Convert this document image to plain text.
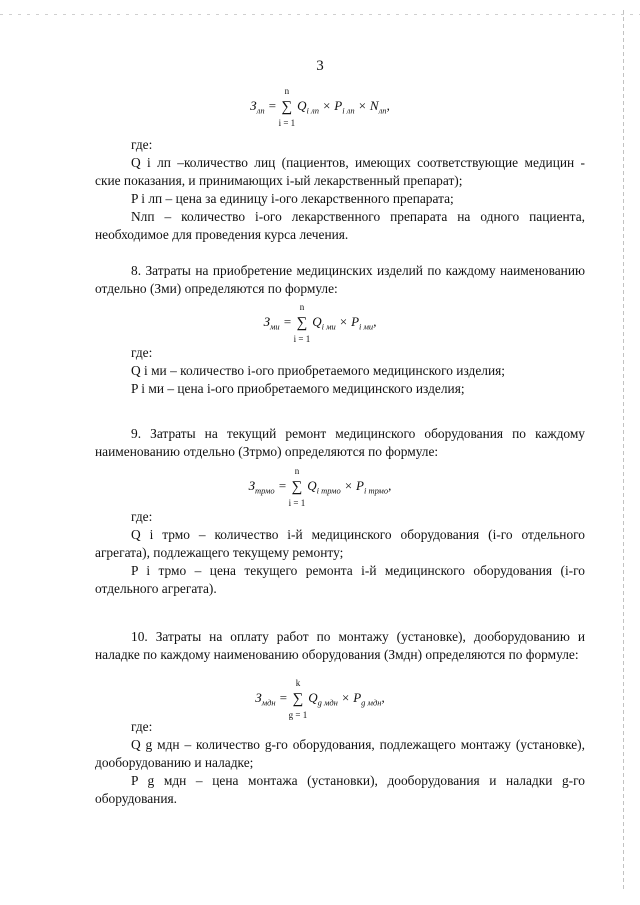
3
$З_{лп}$ = ∑
n
i = 1
$Q_{i лп} \times P_{i лп} \times N_{лп}$,

где:

Q i лп –количество лиц (пациентов, имеющих соответствующие медицин - ские показания, и принимающих i-ый лекарственный препарат);

P i лп – цена за единицу i-ого лекарственного препарата;

Nлп – количество i-ого лекарственного препарата на одного пациента, необходимое для проведения курса лечения.

8. Затраты на приобретение медицинских изделий по каждому наименованию отдельно (Зми) определяются по формуле:
$З_{ми}$ = ∑
n
i = 1
$Q_{i ми} \times P_{i ми}$,

где:

Q i ми – количество i-ого приобретаемого медицинского изделия;

P i ми – цена i-ого приобретаемого медицинского изделия;

9. Затраты на текущий ремонт медицинского оборудования по каждому наименованию отдельно (Зтрмо) определяются по формуле:
$З_{трмо}$ = ∑
n
i = 1
$Q_{i трмо} \times P_{i трмо}$,

где:

Q i трмо – количество i-й медицинского оборудования (i-го отдельного агрегата), подлежащего текущему ремонту;

P i трмо – цена текущего ремонта i-й медицинского оборудования (i-го отдельного агрегата).

10. Затраты на оплату работ по монтажу (установке), дооборудованию и наладке по каждому наименованию оборудования (Змдн) определяются по формуле:
$З_{мдн}$ = ∑
k
g = 1
$Q_{g мдн} \times P_{g мдн}$,

где:

Q g мдн – количество g-го оборудования, подлежащего монтажу (установке), дооборудованию и наладке;

P g мдн – цена монтажа (установки), дооборудования и наладки g-го оборудования.
